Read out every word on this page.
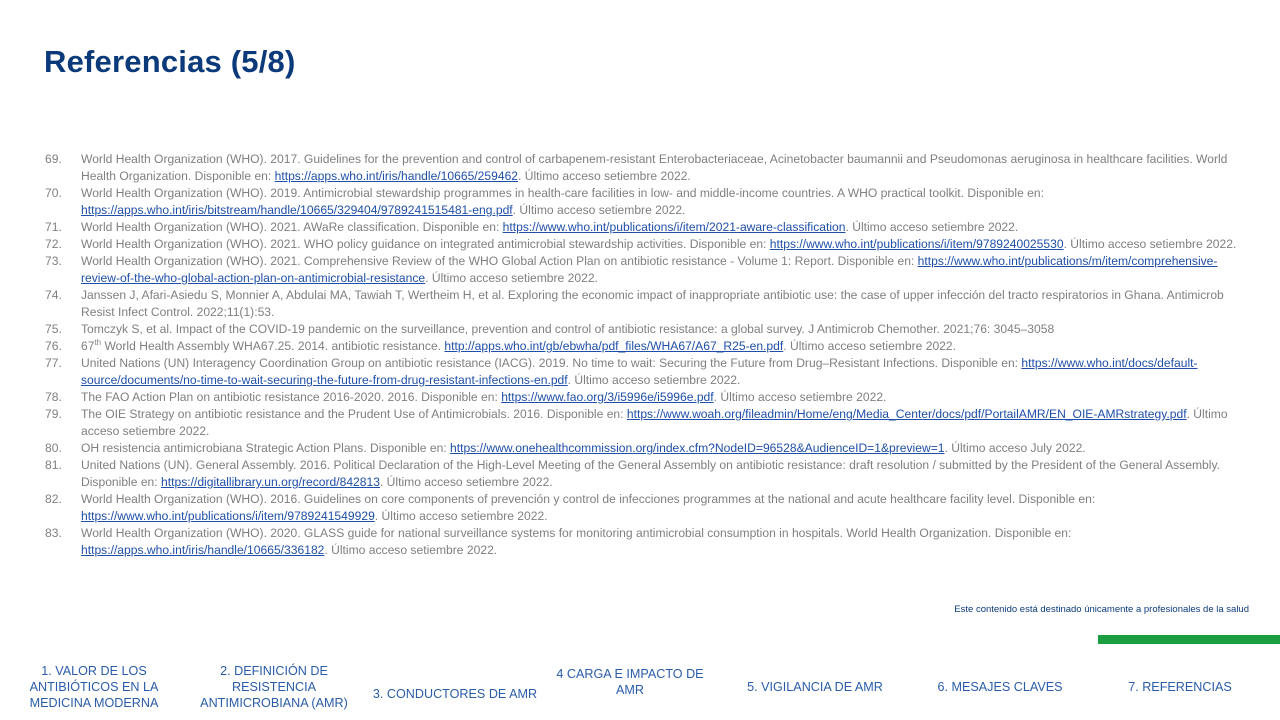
Referencias (5/8)
69.	World Health Organization (WHO). 2017. Guidelines for the prevention and control of carbapenem-resistant Enterobacteriaceae, Acinetobacter baumannii and Pseudomonas aeruginosa in healthcare facilities. World Health Organization. Disponible en: https://apps.who.int/iris/handle/10665/259462. Último acceso setiembre 2022.
70.	World Health Organization (WHO). 2019. Antimicrobial stewardship programmes in health-care facilities in low- and middle-income countries. A WHO practical toolkit. Disponible en: https://apps.who.int/iris/bitstream/handle/10665/329404/9789241515481-eng.pdf. Último acceso setiembre 2022.
71.	World Health Organization (WHO). 2021. AWaRe classification. Disponible en: https://www.who.int/publications/i/item/2021-aware-classification. Último acceso setiembre 2022.
72.	World Health Organization (WHO). 2021. WHO policy guidance on integrated antimicrobial stewardship activities. Disponible en: https://www.who.int/publications/i/item/9789240025530. Último acceso setiembre 2022.
73.	World Health Organization (WHO). 2021. Comprehensive Review of the WHO Global Action Plan on antibiotic resistance - Volume 1: Report. Disponible en: https://www.who.int/publications/m/item/comprehensive-review-of-the-who-global-action-plan-on-antimicrobial-resistance. Último acceso setiembre 2022.
74.	Janssen J, Afari-Asiedu S, Monnier A, Abdulai MA, Tawiah T, Wertheim H, et al. Exploring the economic impact of inappropriate antibiotic use: the case of upper infección del tracto respiratorios in Ghana. Antimicrob Resist Infect Control. 2022;11(1):53.
75.	Tomczyk S, et al. Impact of the COVID-19 pandemic on the surveillance, prevention and control of antibiotic resistance: a global survey. J Antimicrob Chemother. 2021;76: 3045–3058
76.	67th World Health Assembly WHA67.25. 2014. antibiotic resistance. http://apps.who.int/gb/ebwha/pdf_files/WHA67/A67_R25-en.pdf. Último acceso setiembre 2022.
77.	United Nations (UN) Interagency Coordination Group on antibiotic resistance (IACG). 2019. No time to wait: Securing the Future from Drug–Resistant Infections. Disponible en: https://www.who.int/docs/default-source/documents/no-time-to-wait-securing-the-future-from-drug-resistant-infections-en.pdf. Último acceso setiembre 2022.
78.	The FAO Action Plan on antibiotic resistance 2016-2020. 2016. Disponible en: https://www.fao.org/3/i5996e/i5996e.pdf. Último acceso setiembre 2022.
79.	The OIE Strategy on antibiotic resistance and the Prudent Use of Antimicrobials. 2016. Disponible en: https://www.woah.org/fileadmin/Home/eng/Media_Center/docs/pdf/PortailAMR/EN_OIE-AMRstrategy.pdf. Último acceso setiembre 2022.
80.	OH resistencia antimicrobiana Strategic Action Plans. Disponible en: https://www.onehealthcommission.org/index.cfm?NodeID=96528&AudienceID=1&preview=1. Último acceso July 2022.
81.	United Nations (UN). General Assembly. 2016. Political Declaration of the High-Level Meeting of the General Assembly on antibiotic resistance: draft resolution / submitted by the President of the General Assembly. Disponible en: https://digitallibrary.un.org/record/842813. Último acceso setiembre 2022.
82.	World Health Organization (WHO). 2016. Guidelines on core components of prevención y control de infecciones programmes at the national and acute healthcare facility level. Disponible en: https://www.who.int/publications/i/item/9789241549929. Último acceso setiembre 2022.
83.	World Health Organization (WHO). 2020. GLASS guide for national surveillance systems for monitoring antimicrobial consumption in hospitals. World Health Organization. Disponible en: https://apps.who.int/iris/handle/10665/336182. Último acceso setiembre 2022.
Este contenido está destinado únicamente a profesionales de la salud
1. VALOR DE LOS ANTIBIÓTICOS EN LA MEDICINA MODERNA
2. DEFINICIÓN DE RESISTENCIA ANTIMICROBIANA (AMR)
3. CONDUCTORES DE AMR
4 CARGA E IMPACTO DE AMR	5. VIGILANCIA DE AMR	6. MESAJES CLAVES	7. REFERENCIAS
